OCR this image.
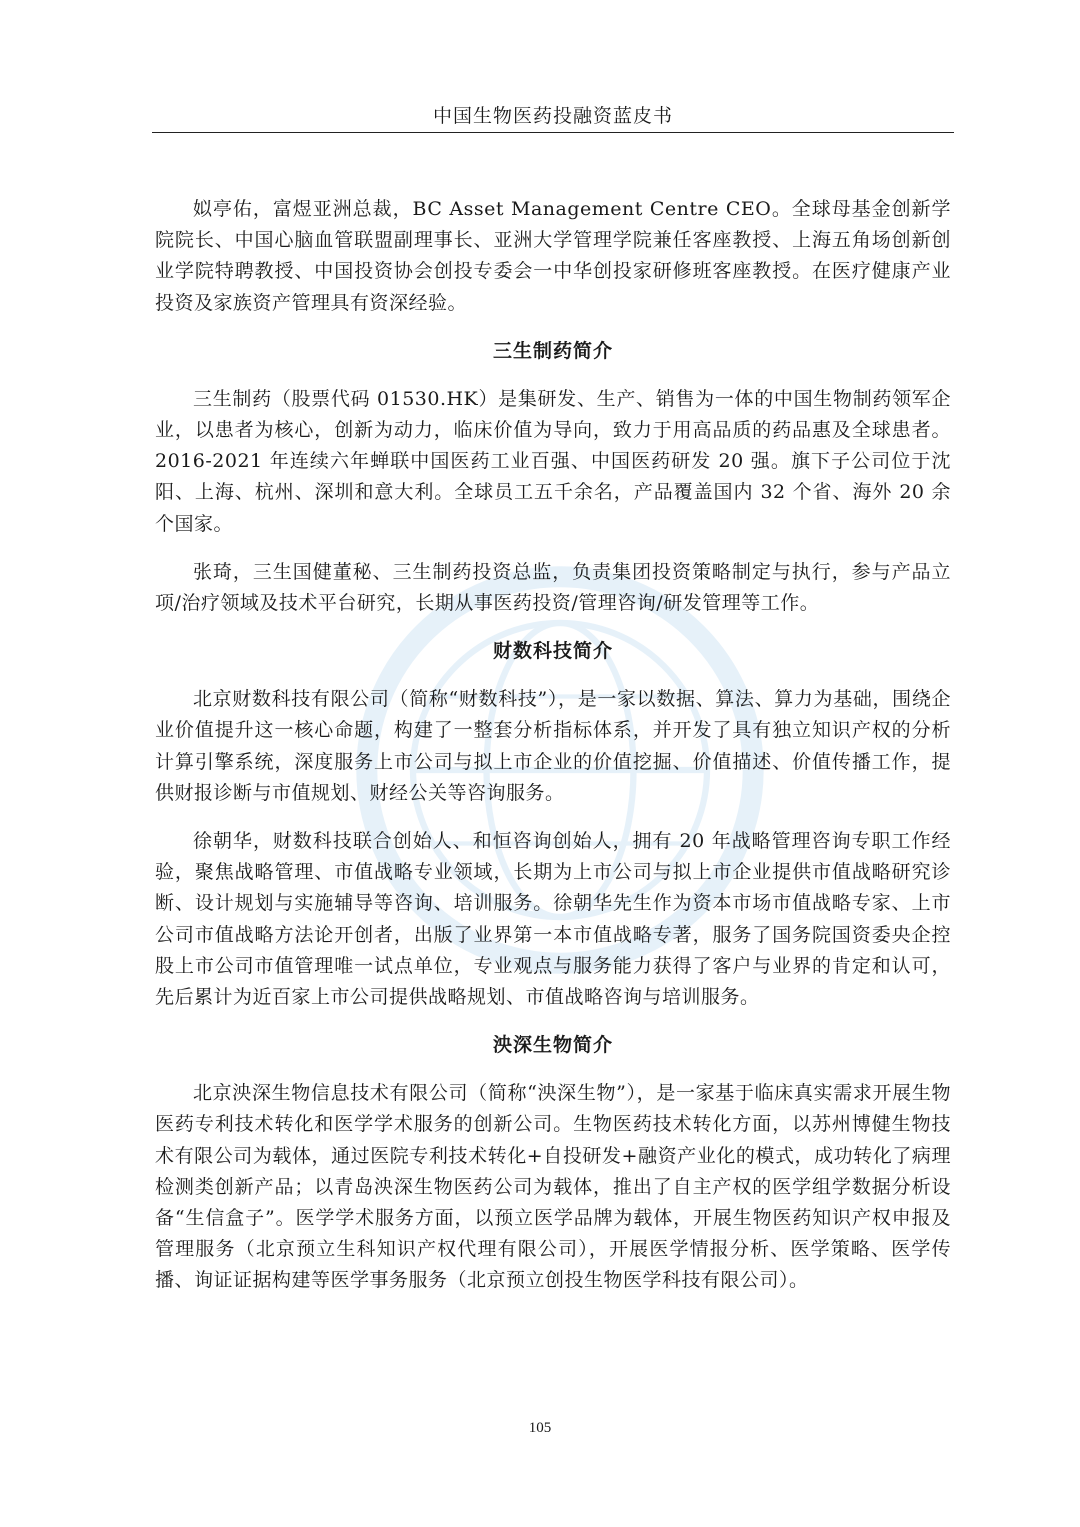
中国生物医药投融资蓝皮书

姒亭佑，富煜亚洲总裁，BC Asset Management Centre CEO。全球母基金创新学院院长、中国心脑血管联盟副理事长、亚洲大学管理学院兼任客座教授、上海五角场创新创业学院特聘教授、中国投资协会创投专委会一中华创投家研修班客座教授。在医疗健康产业投资及家族资产管理具有资深经验。

三生制药简介

三生制药（股票代码 01530.HK）是集研发、生产、销售为一体的中国生物制药领军企业，以患者为核心，创新为动力，临床价值为导向，致力于用高品质的药品惠及全球患者。2016-2021 年连续六年蝉联中国医药工业百强、中国医药研发 20 强。旗下子公司位于沈阳、上海、杭州、深圳和意大利。全球员工五千余名，产品覆盖国内 32 个省、海外 20 余个国家。

张琦，三生国健董秘、三生制药投资总监，负责集团投资策略制定与执行，参与产品立项/治疗领域及技术平台研究，长期从事医药投资/管理咨询/研发管理等工作。

财数科技简介

北京财数科技有限公司（简称“财数科技”），是一家以数据、算法、算力为基础，围绕企业价值提升这一核心命题，构建了一整套分析指标体系，并开发了具有独立知识产权的分析计算引擎系统，深度服务上市公司与拟上市企业的价值挖掘、价值描述、价值传播工作，提供财报诊断与市值规划、财经公关等咨询服务。

徐朝华，财数科技联合创始人、和恒咨询创始人，拥有 20 年战略管理咨询专职工作经验，聚焦战略管理、市值战略专业领域，长期为上市公司与拟上市企业提供市值战略研究诊断、设计规划与实施辅导等咨询、培训服务。徐朝华先生作为资本市场市值战略专家、上市公司市值战略方法论开创者，出版了业界第一本市值战略专著，服务了国务院国资委央企控股上市公司市值管理唯一试点单位，专业观点与服务能力获得了客户与业界的肯定和认可，先后累计为近百家上市公司提供战略规划、市值战略咨询与培训服务。

泱深生物简介

北京泱深生物信息技术有限公司（简称“泱深生物”），是一家基于临床真实需求开展生物医药专利技术转化和医学学术服务的创新公司。生物医药技术转化方面，以苏州博健生物技术有限公司为载体，通过医院专利技术转化+自投研发+融资产业化的模式，成功转化了病理检测类创新产品；以青岛泱深生物医药公司为载体，推出了自主产权的医学组学数据分析设备“生信盒子”。医学学术服务方面，以预立医学品牌为载体，开展生物医药知识产权申报及管理服务（北京预立生科知识产权代理有限公司），开展医学情报分析、医学策略、医学传播、询证证据构建等医学事务服务（北京预立创投生物医学科技有限公司）。

105
